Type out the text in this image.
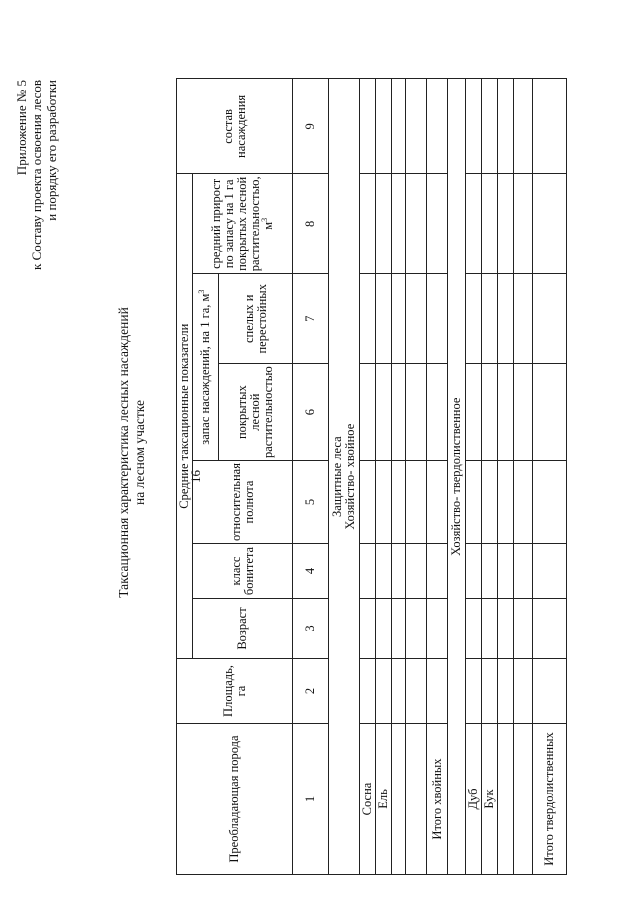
16
Приложение № 5 к Составу проекта освоения лесов и порядку его разработки
Таксационная характеристика лесных насаждений на лесном участке
Преобладающая порода	Площадь, га	Средние таксационные показатели						состав насаждения
		Возраст	класс бонитета	относительная полнота	запас насаждений, на 1 га, $м^3$		средний прирост по запасу на 1 га покрытых лесной растительностью, $м^3$
					покрытых лесной растительностью	спелых и перестойных		
1	2	3	4	5	6	7	8	9

Защитные леса Хозяйство- хвойное								

Сосна								
Ель								

Итого хвойных								
Хозяйство- твердолиственное								
Дуб								
Бук								

Итого твердолиственных								
